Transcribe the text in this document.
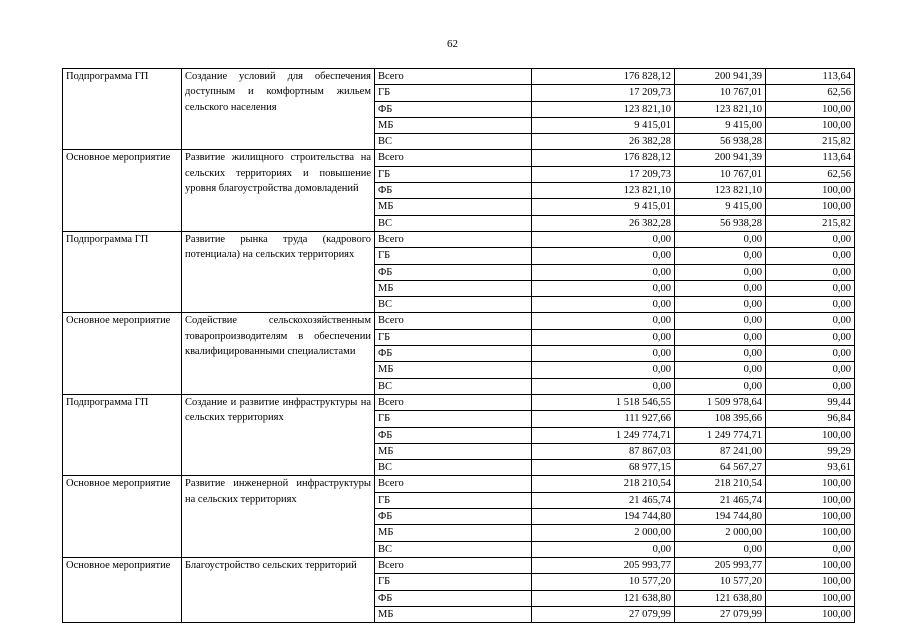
62
Подпрограмма ГП	Создание условий для обеспечения доступным и комфортным жильем сельского населения	Всего	176 828,12	200 941,39	113,64
		ГБ	17 209,73	10 767,01	62,56
		ФБ	123 821,10	123 821,10	100,00
		МБ	9 415,01	9 415,00	100,00
		ВС	26 382,28	56 938,28	215,82
Основное мероприятие	Развитие жилищного строительства на сельских территориях и повышение уровня благоустройства домовладений	Всего	176 828,12	200 941,39	113,64
		ГБ	17 209,73	10 767,01	62,56
		ФБ	123 821,10	123 821,10	100,00
		МБ	9 415,01	9 415,00	100,00
		ВС	26 382,28	56 938,28	215,82
Подпрограмма ГП	Развитие рынка труда (кадрового потенциала) на сельских территориях	Всего	0,00	0,00	0,00
		ГБ	0,00	0,00	0,00
		ФБ	0,00	0,00	0,00
		МБ	0,00	0,00	0,00
		ВС	0,00	0,00	0,00
Основное мероприятие	Содействие сельскохозяйственным товаропроизводителям в обеспечении квалифицированными специалистами	Всего	0,00	0,00	0,00
		ГБ	0,00	0,00	0,00
		ФБ	0,00	0,00	0,00
		МБ	0,00	0,00	0,00
		ВС	0,00	0,00	0,00
Подпрограмма ГП	Создание и развитие инфраструктуры на сельских территориях	Всего	1 518 546,55	1 509 978,64	99,44
		ГБ	111 927,66	108 395,66	96,84
		ФБ	1 249 774,71	1 249 774,71	100,00
		МБ	87 867,03	87 241,00	99,29
		ВС	68 977,15	64 567,27	93,61
Основное мероприятие	Развитие инженерной инфраструктуры на сельских территориях	Всего	218 210,54	218 210,54	100,00
		ГБ	21 465,74	21 465,74	100,00
		ФБ	194 744,80	194 744,80	100,00
		МБ	2 000,00	2 000,00	100,00
		ВС	0,00	0,00	0,00
Основное мероприятие	Благоустройство сельских территорий	Всего	205 993,77	205 993,77	100,00
		ГБ	10 577,20	10 577,20	100,00
		ФБ	121 638,80	121 638,80	100,00
		МБ	27 079,99	27 079,99	100,00
